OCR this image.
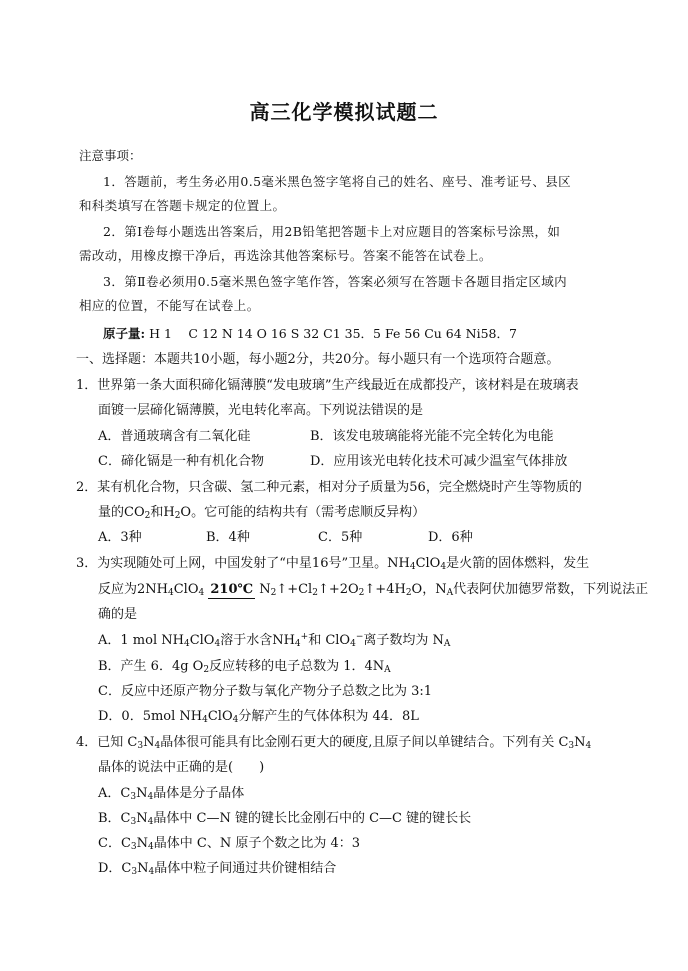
高三化学模拟试题二
注意事项：
1．答题前，考生务必用0.5毫米黑色签字笔将自己的姓名、座号、准考证号、县区
和科类填写在答题卡规定的位置上。
2．第Ⅰ卷每小题选出答案后，用2B铅笔把答题卡上对应题目的答案标号涂黑，如
需改动，用橡皮擦干净后，再选涂其他答案标号。答案不能答在试卷上。
3．第Ⅱ卷必须用0.5毫米黑色签字笔作答，答案必须写在答题卡各题目指定区域内
相应的位置，不能写在试卷上。
原子量: H 1　 C 12 N 14 O 16 S 32 C1 35．5 Fe 56 Cu 64 Ni58．7
一、选择题：本题共10小题，每小题2分，共20分。每小题只有一个选项符合题意。
1．世界第一条大面积碲化镉薄膜“发电玻璃”生产线最近在成都投产，该材料是在玻璃表
面镀一层碲化镉薄膜，光电转化率高。下列说法错误的是
A．普通玻璃含有二氧化硅	B．该发电玻璃能将光能不完全转化为电能
C．碲化镉是一种有机化合物	D．应用该光电转化技术可减少温室气体排放
2．某有机化合物，只含碳、氢二种元素，相对分子质量为56，完全燃烧时产生等物质的
量的$CO_2$和$H_2O$。它可能的结构共有（需考虑顺反异构）
A．3种	B．4种	C．5种	D．6种
3．为实现随处可上网，中国发射了“中星16号”卫星。$NH_4ClO_4$是火箭的固体燃料，发生
反应为$2NH_4ClO_4$ 210℃ $N_2↑+Cl_2↑+2O_2↑+4H_2O$，$N_A$代表阿伏加德罗常数，下列说法正
确的是
A．1 mol $NH_4ClO_4$溶于水含$NH_4^+$和 ClO$_4$−离子数均为 $N_A$
B．产生 6．4g $O_2$反应转移的电子总数为 1．$4N_A$
C．反应中还原产物分子数与氧化产物分子总数之比为 3:1
D．0．5mol $NH_4ClO_4$分解产生的气体体积为 44．8L
4．已知 $C_3N_4$晶体很可能具有比金刚石更大的硬度,且原子间以单键结合。下列有关 $C_3N_4$
晶体的说法中正确的是(　　)
A．$C_3N_4$晶体是分子晶体
B．$C_3N_4$晶体中 C—N 键的键长比金刚石中的 C—C 键的键长长
C．$C_3N_4$晶体中 C、N 原子个数之比为 4：3
D．$C_3N_4$晶体中粒子间通过共价键相结合
